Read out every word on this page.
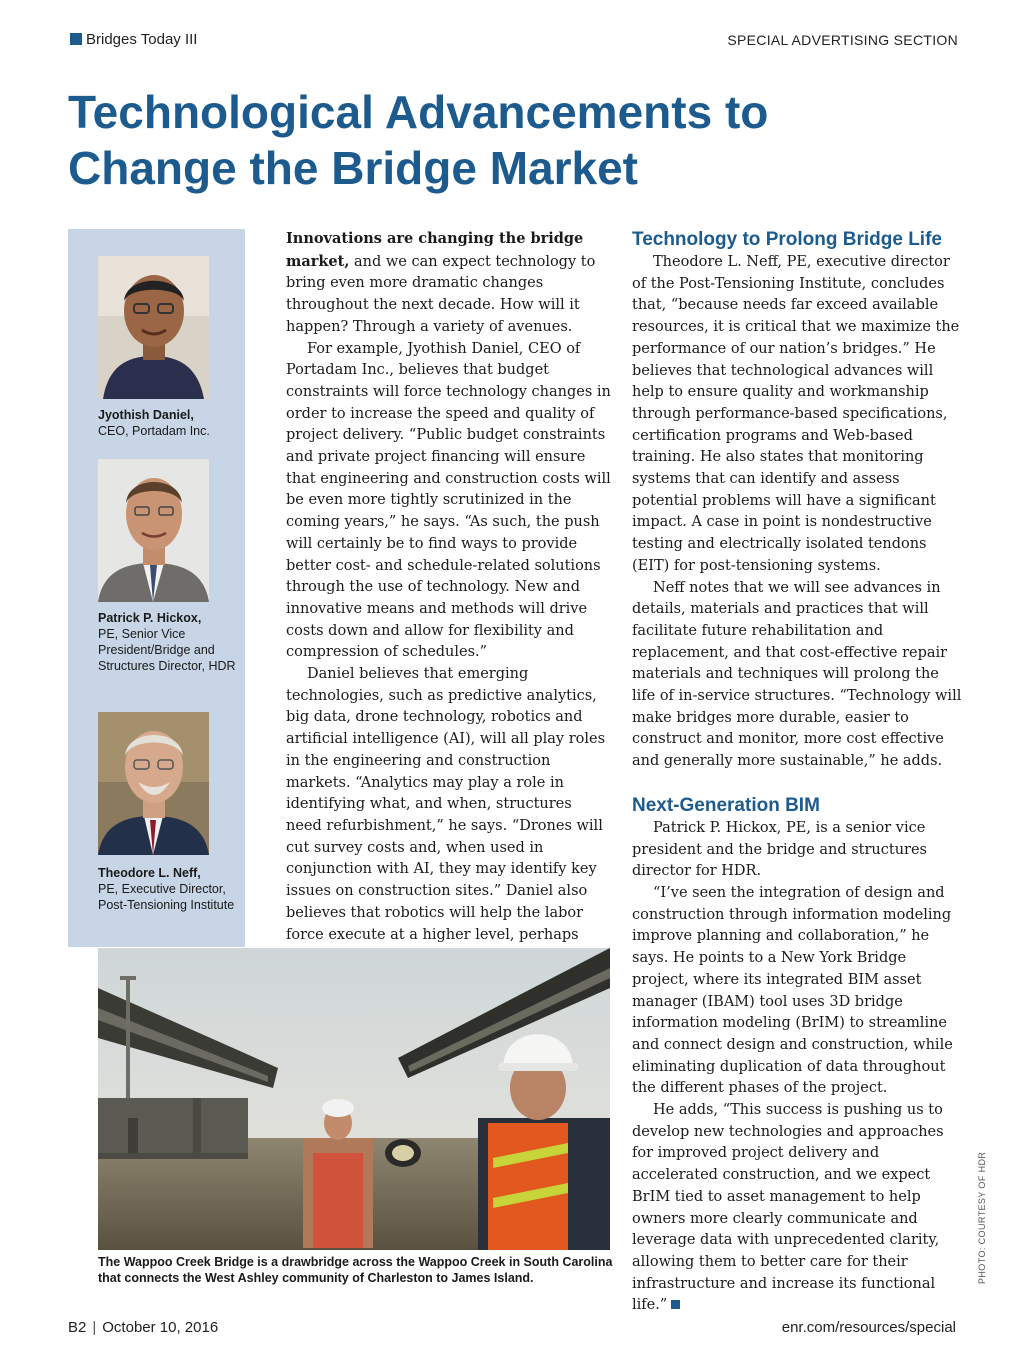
Bridges Today III	SPECIAL ADVERTISING SECTION
Technological Advancements to
Change the Bridge Market
Jyothish Daniel,
CEO, Portadam Inc.
Patrick P. Hickox,
PE, Senior Vice President/Bridge and Structures Director, HDR
Theodore L. Neff,
PE, Executive Director, Post-Tensioning Institute

Innovations are changing the bridge market, and we can expect technology to bring even more dramatic changes throughout the next decade. How will it happen? Through a variety of avenues.

For example, Jyothish Daniel, CEO of Portadam Inc., believes that budget constraints will force technology changes in order to increase the speed and quality of project delivery. “Public budget constraints and private project financing will ensure that engineering and construction costs will be even more tightly scrutinized in the coming years,” he says. “As such, the push will certainly be to find ways to provide better cost- and schedule-related solutions through the use of technology. New and innovative means and methods will drive costs down and allow for flexibility and compression of schedules.”

Daniel believes that emerging technologies, such as predictive analytics, big data, drone technology, robotics and artificial intelligence (AI), will all play roles in the engineering and construction markets. “Analytics may play a role in identifying what, and when, structures need refurbishment,” he says. “Drones will cut survey costs and, when used in conjunction with AI, they may identify key issues on construction sites.” Daniel also believes that robotics will help the labor force execute at a higher level, perhaps

Technology to Prolong Bridge Life

Theodore L. Neff, PE, executive director of the Post-Tensioning Institute, concludes that, “because needs far exceed available resources, it is critical that we maximize the performance of our nation’s bridges.” He believes that technological advances will help to ensure quality and workmanship through performance-based specifications, certification programs and Web-based training. He also states that monitoring systems that can identify and assess potential problems will have a significant impact. A case in point is nondestructive testing and electrically isolated tendons (EIT) for post-tensioning systems.

Neff notes that we will see advances in details, materials and practices that will facilitate future rehabilitation and replacement, and that cost-effective repair materials and techniques will prolong the life of in-service structures. “Technology will make bridges more durable, easier to construct and monitor, more cost effective and generally more sustainable,” he adds.

Next-Generation BIM

Patrick P. Hickox, PE, is a senior vice president and the bridge and structures director for HDR.

“I’ve seen the integration of design and construction through information modeling improve planning and collaboration,” he says. He points to a New York Bridge project, where its integrated BIM asset manager (IBAM) tool uses 3D bridge information modeling (BrIM) to streamline and connect design and construction, while eliminating duplication of data throughout the different phases of the project.

He adds, “This success is pushing us to develop new technologies and approaches for improved project delivery and accelerated construction, and we expect BrIM tied to asset management to help owners more clearly communicate and leverage data with unprecedented clarity, allowing them to better care for their infrastructure and increase its functional life.”

The Wappoo Creek Bridge is a drawbridge across the Wappoo Creek in South Carolina that connects the West Ashley community of Charleston to James Island.	PHOTO: COURTESY OF HDR
B2 | October 10, 2016	enr.com/resources/special
